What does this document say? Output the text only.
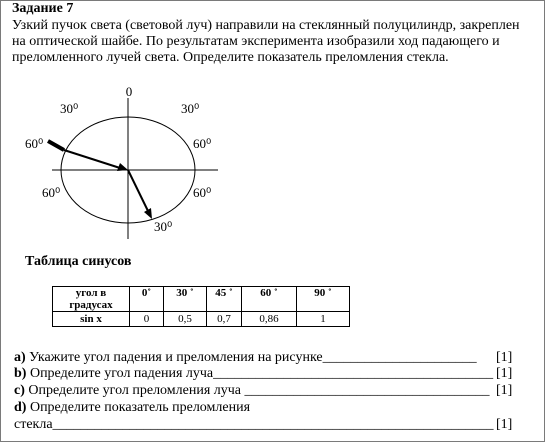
Задание 7
Узкий пучок света (световой луч) направили на стеклянный полуцилиндр, закреплен
на оптической шайбе. По результатам эксперимента изобразили ход падающего и
преломленного лучей света. Определите показатель преломления стекла.
0
30⁰	30⁰
60⁰	60⁰
60⁰	60⁰
30⁰
Таблица синусов
угол в
градусах	0˚	30 ˚	45 ˚	60 ˚	90 ˚
sin x	0	0,5	0,7	0,86	1
a) Укажите угол падения и преломления на рисунке______________________ [1]
b) Определите угол падения луча________________________________________ [1]
c) Определите угол преломления луча ___________________________________ [1]
d) Определите показатель преломления
стекла_______________________________________________________________ [1]
